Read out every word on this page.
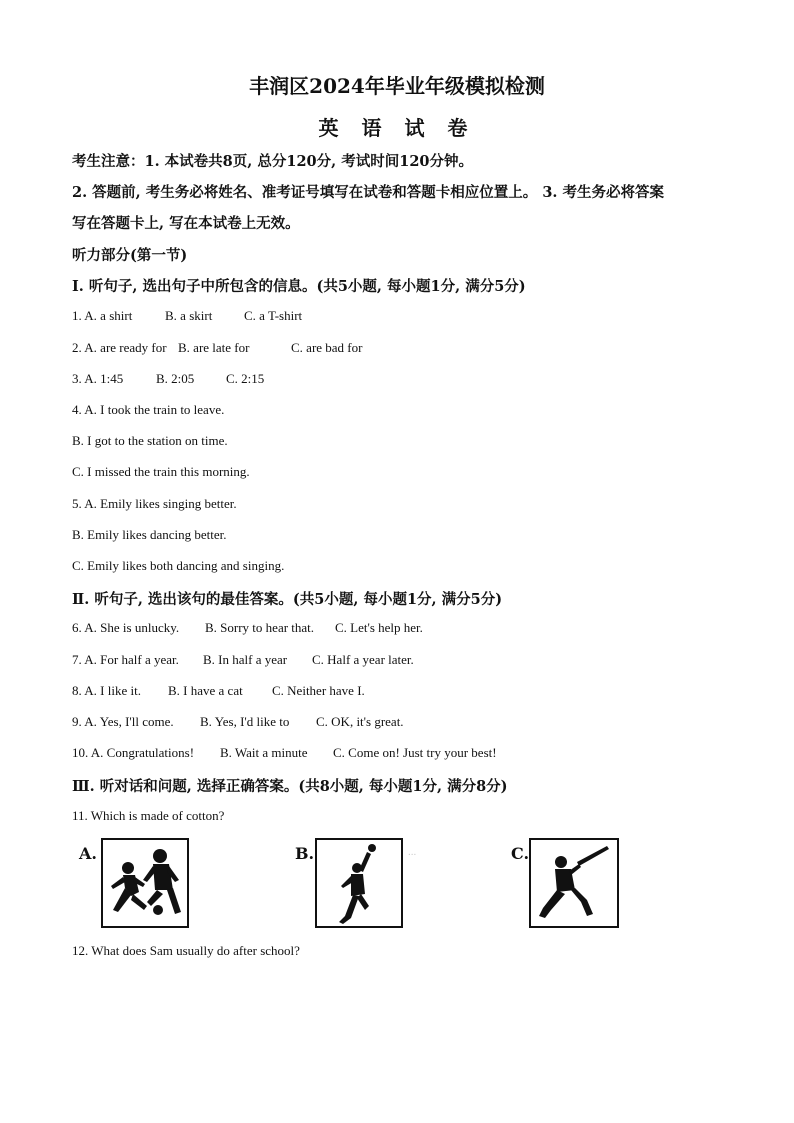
丰润区2024年毕业年级模拟检测
英 语 试 卷
考生注意：1. 本试卷共8页, 总分120分, 考试时间120分钟。
2. 答题前, 考生务必将姓名、准考证号填写在试卷和答题卡相应位置上。 3. 考生务必将答案
写在答题卡上, 写在本试卷上无效。
听力部分(第一节)
I. 听句子, 选出句子中所包含的信息。(共5小题, 每小题1分, 满分5分)
1. A. a shirt	B. a skirt C. a T-shirt
2. A. are ready for B. are late for	C. are bad for
3. A. 1:45	B. 2:05 C. 2:15
4. A. I took the train to leave.
B. I got to the station on time.
C. I missed the train this morning.
5. A. Emily likes singing better.
B. Emily likes dancing better.
C. Emily likes both dancing and singing.
Ⅱ. 听句子, 选出该句的最佳答案。(共5小题, 每小题1分, 满分5分)
6. A. She is unlucky. B. Sorry to hear that. C. Let's help her.
7. A. For half a year. B. In half a year C. Half a year later.
8. A. I like it. B. I have a cat C. Neither have I.
9. A. Yes, I'll come. B. Yes, I'd like to C. OK, it's great.
10. A. Congratulations! B. Wait a minute C. Come on! Just try your best!
Ⅲ. 听对话和问题, 选择正确答案。(共8小题, 每小题1分, 满分8分)
11. Which is made of cotton?
A.	B.	...	C.
12. What does Sam usually do after school?
